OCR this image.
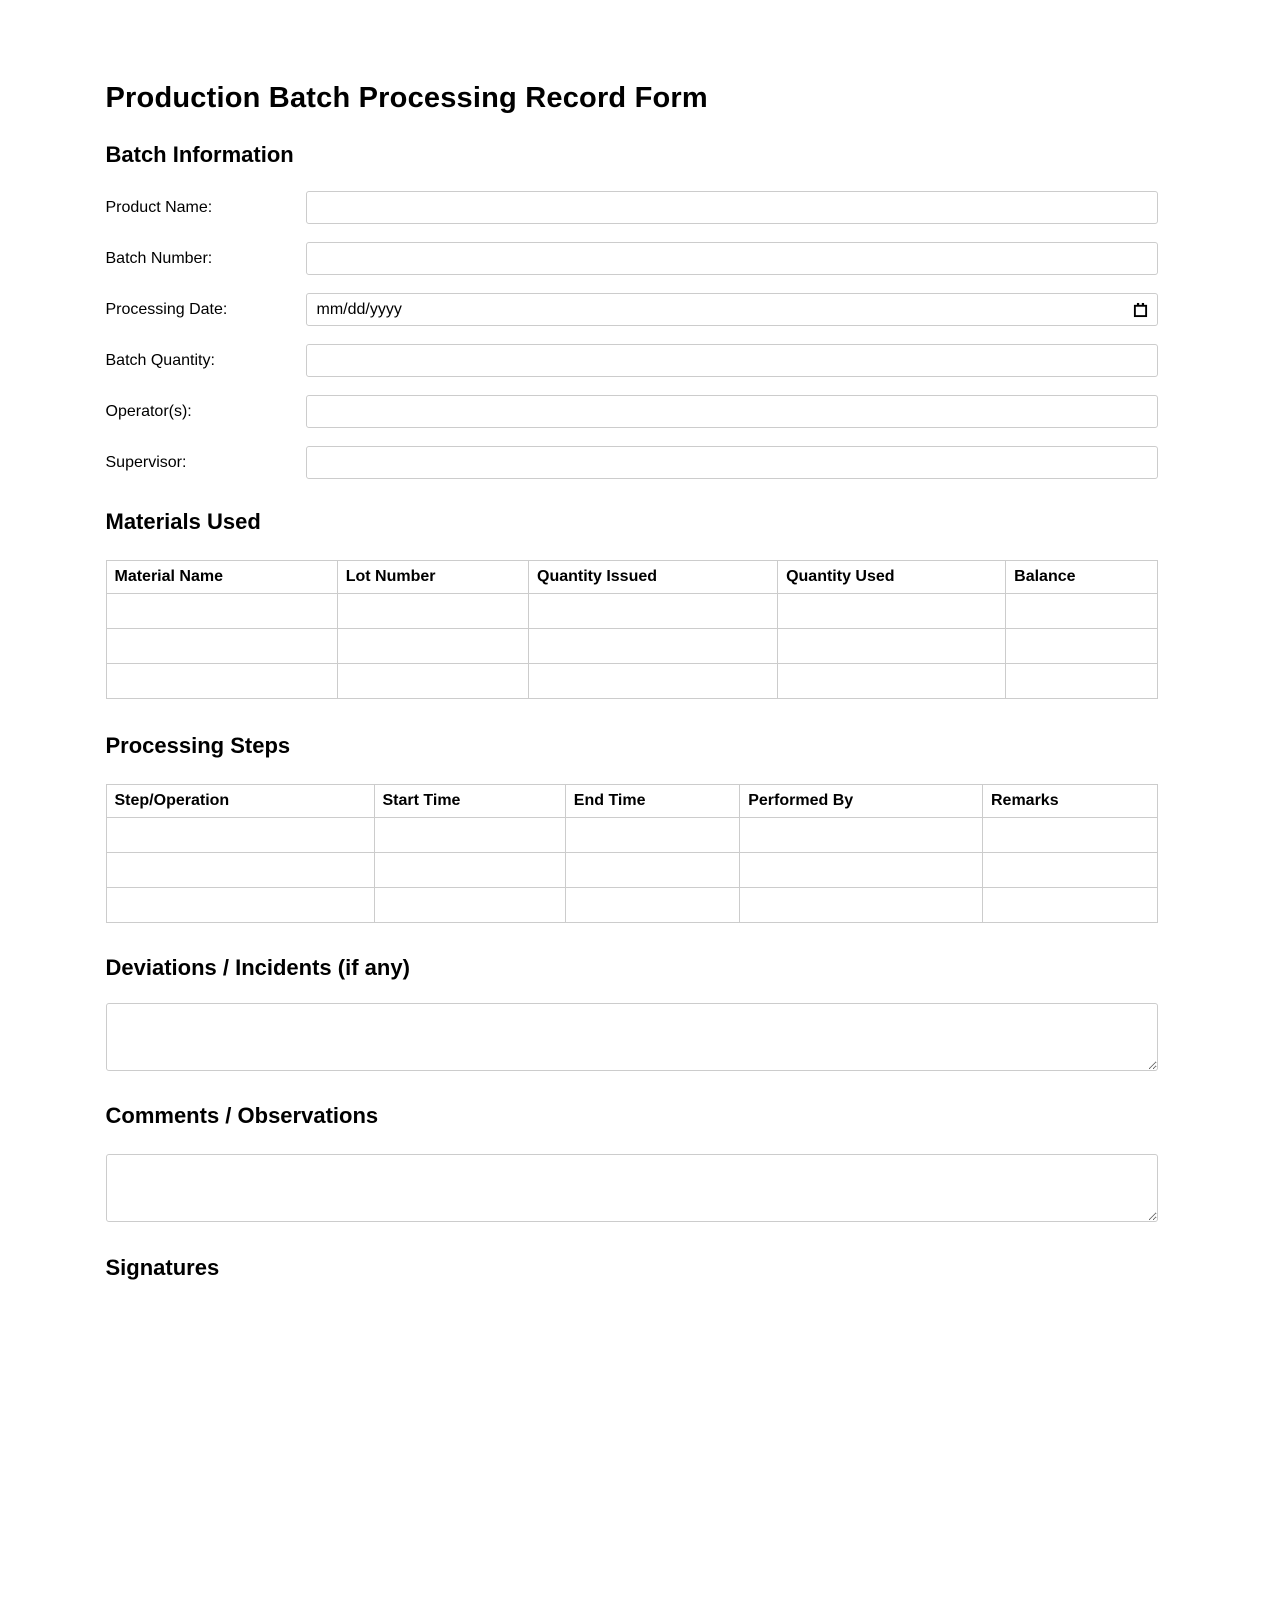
Production Batch Processing Record Form
Batch Information
Product Name:
Batch Number:
Processing Date:
mm/dd/yyyy
Batch Quantity:
Operator(s):
Supervisor:
Materials Used
Material Name	Lot Number	Quantity Issued	Quantity Used	Balance

Processing Steps
Step/Operation	Start Time	End Time	Performed By	Remarks

Deviations / Incidents (if any)
Comments / Observations
Signatures
